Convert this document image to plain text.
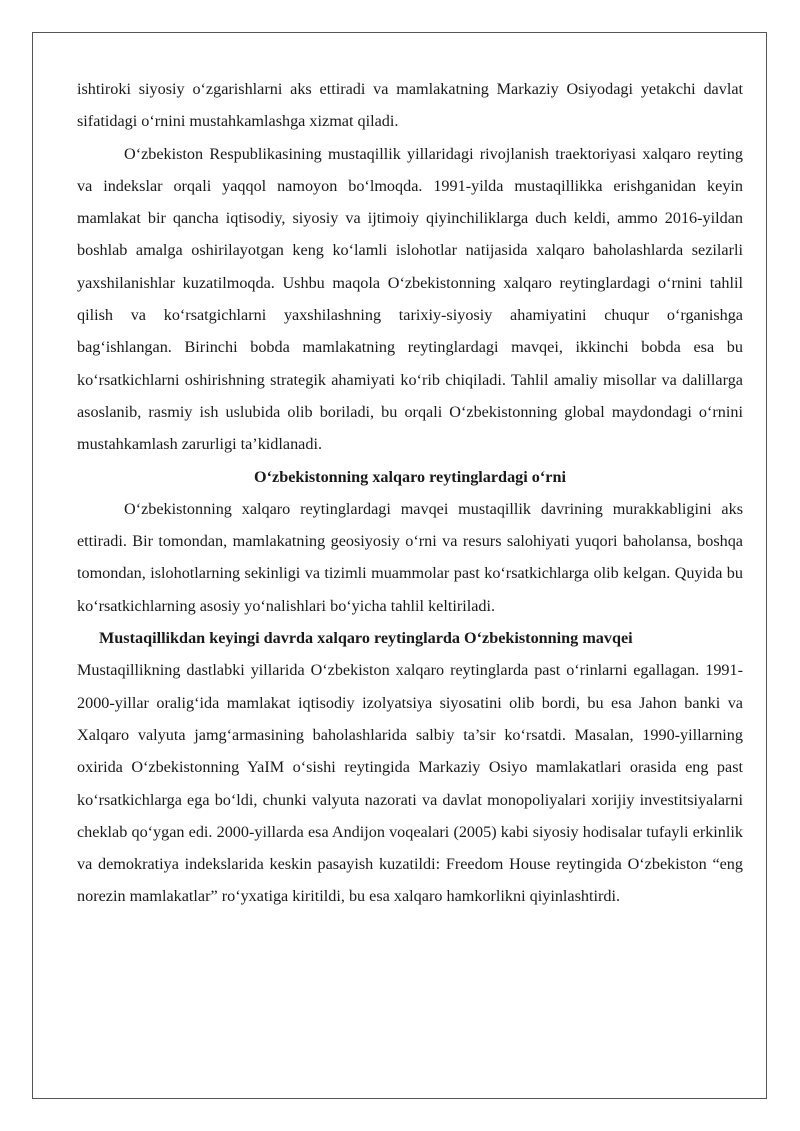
ishtiroki siyosiy o‘zgarishlarni aks ettiradi va mamlakatning Markaziy Osiyodagi yetakchi davlat sifatidagi o‘rnini mustahkamlashga xizmat qiladi.

O‘zbekiston Respublikasining mustaqillik yillaridagi rivojlanish traektoriyasi xalqaro reyting va indekslar orqali yaqqol namoyon bo‘lmoqda. 1991-yilda mustaqillikka erishganidan keyin mamlakat bir qancha iqtisodiy, siyosiy va ijtimoiy qiyinchiliklarga duch keldi, ammo 2016-yildan boshlab amalga oshirilayotgan keng ko‘lamli islohotlar natijasida xalqaro baholashlarda sezilarli yaxshilanishlar kuzatilmoqda. Ushbu maqola O‘zbekistonning xalqaro reytinglardagi o‘rnini tahlil qilish va ko‘rsatgichlarni yaxshilashning tarixiy-siyosiy ahamiyatini chuqur o‘rganishga bag‘ishlangan. Birinchi bobda mamlakatning reytinglardagi mavqei, ikkinchi bobda esa bu ko‘rsatkichlarni oshirishning strategik ahamiyati ko‘rib chiqiladi. Tahlil amaliy misollar va dalillarga asoslanib, rasmiy ish uslubida olib boriladi, bu orqali O‘zbekistonning global maydondagi o‘rnini mustahkamlash zarurligi ta’kidlanadi.

O‘zbekistonning xalqaro reytinglardagi o‘rni

O‘zbekistonning xalqaro reytinglardagi mavqei mustaqillik davrining murakkabligini aks ettiradi. Bir tomondan, mamlakatning geosiyosiy o‘rni va resurs salohiyati yuqori baholansa, boshqa tomondan, islohotlarning sekinligi va tizimli muammolar past ko‘rsatkichlarga olib kelgan. Quyida bu ko‘rsatkichlarning asosiy yo‘nalishlari bo‘yicha tahlil keltiriladi.

Mustaqillikdan keyingi davrda xalqaro reytinglarda O‘zbekistonning mavqei

Mustaqillikning dastlabki yillarida O‘zbekiston xalqaro reytinglarda past o‘rinlarni egallagan. 1991-2000-yillar oralig‘ida mamlakat iqtisodiy izolyatsiya siyosatini olib bordi, bu esa Jahon banki va Xalqaro valyuta jamg‘armasining baholashlarida salbiy ta’sir ko‘rsatdi. Masalan, 1990-yillarning oxirida O‘zbekistonning YaIM o‘sishi reytingida Markaziy Osiyo mamlakatlari orasida eng past ko‘rsatkichlarga ega bo‘ldi, chunki valyuta nazorati va davlat monopoliyalari xorijiy investitsiyalarni cheklab qo‘ygan edi. 2000-yillarda esa Andijon voqealari (2005) kabi siyosiy hodisalar tufayli erkinlik va demokratiya indekslarida keskin pasayish kuzatildi: Freedom House reytingida O‘zbekiston “eng norezin mamlakatlar” ro‘yxatiga kiritildi, bu esa xalqaro hamkorlikni qiyinlashtirdi.
